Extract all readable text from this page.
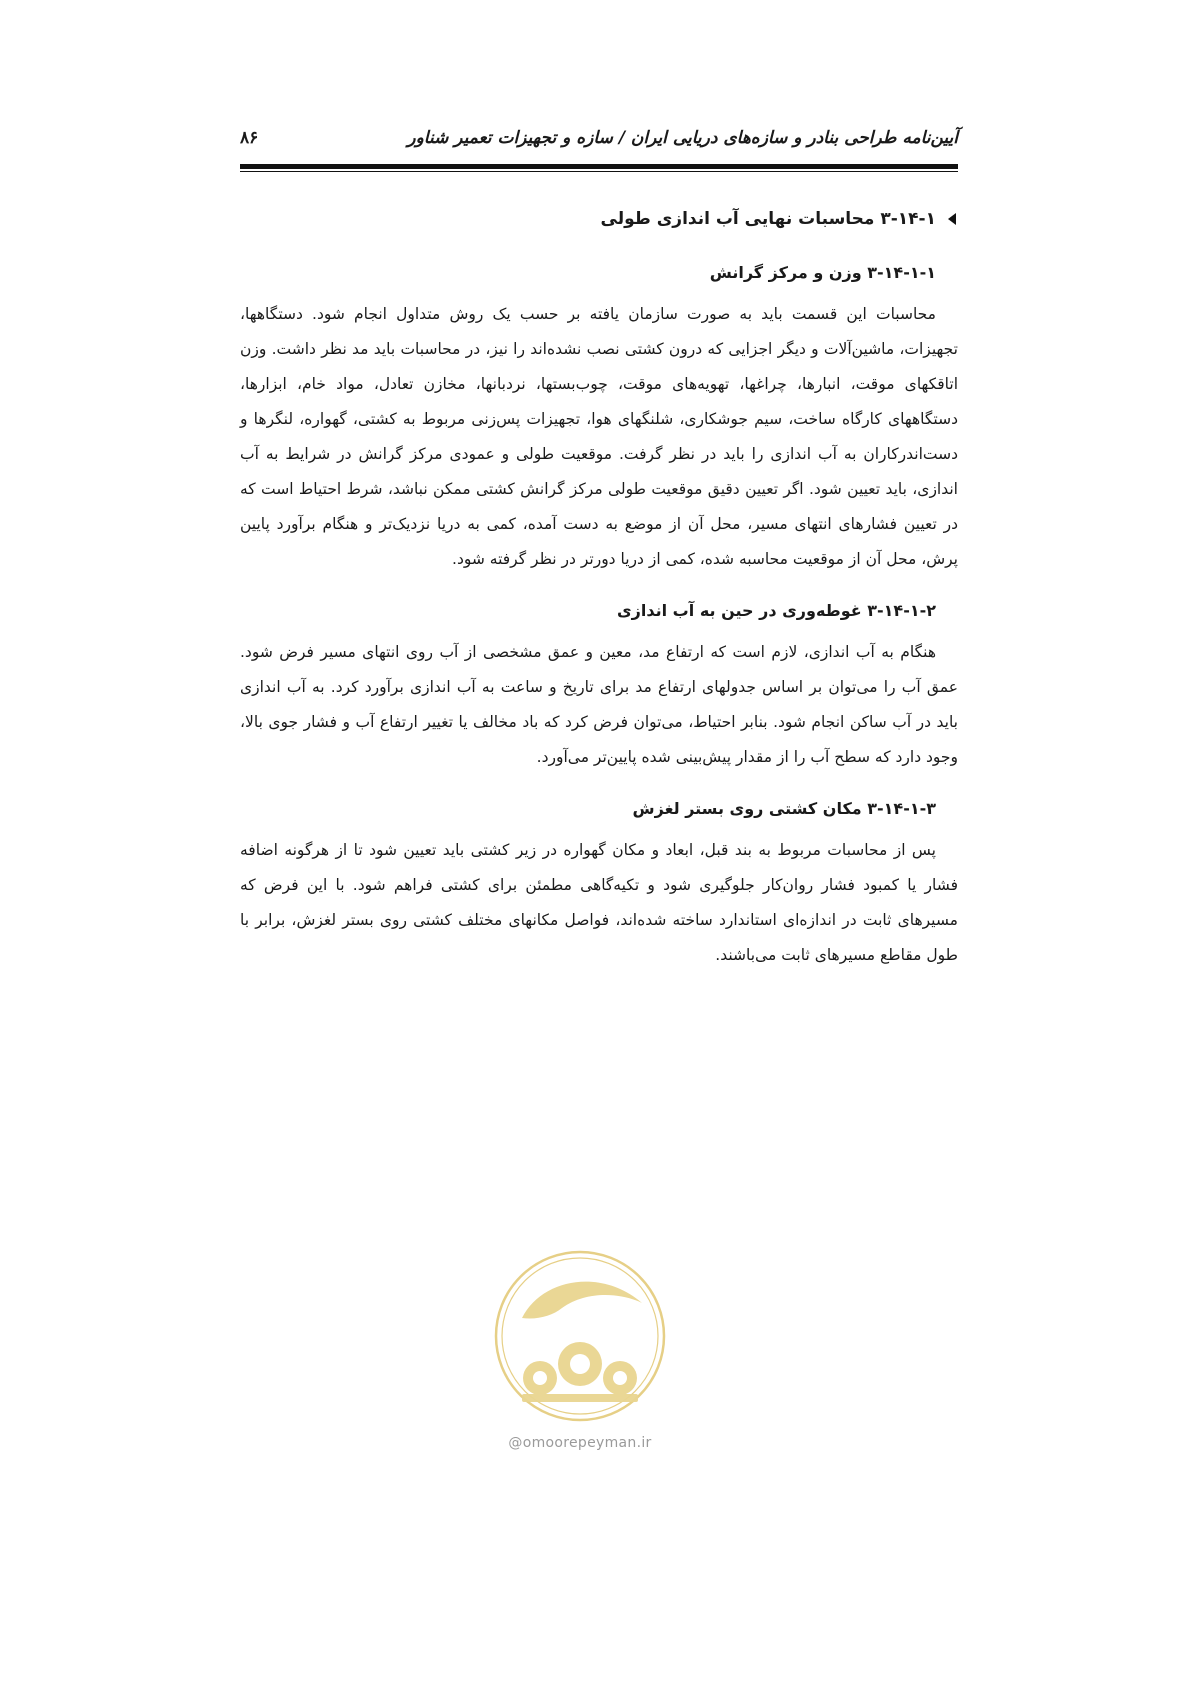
آیین‌نامه طراحی بنادر و سازه‌های دریایی ایران / سازه و تجهیزات تعمیر شناور
۸۶
۳-۱۴-۱ محاسبات نهایی آب اندازی طولی
۳-۱۴-۱-۱ وزن و مرکز گرانش

محاسبات این قسمت باید به صورت سازمان یافته بر حسب یک روش متداول انجام شود. دستگاهها، تجهیزات، ماشین‌آلات و دیگر اجزایی که درون کشتی نصب نشده‌اند را نیز، در محاسبات باید مد نظر داشت. وزن اتاقکهای موقت، انبارها، چراغها، تهویه‌های موقت، چوب‌بستها، نردبانها، مخازن تعادل، مواد خام، ابزارها، دستگاههای کارگاه ساخت، سیم جوشکاری، شلنگهای هوا، تجهیزات پس‌زنی مربوط به کشتی، گهواره، لنگرها و دست‌اندرکاران به آب اندازی را باید در نظر گرفت. موقعیت طولی و عمودی مرکز گرانش در شرایط به آب اندازی، باید تعیین شود. اگر تعیین دقیق موقعیت طولی مرکز گرانش کشتی ممکن نباشد، شرط احتیاط است که در تعیین فشارهای انتهای مسیر، محل آن از موضع به دست آمده، کمی به دریا نزدیک‌تر و هنگام برآورد پایین پرش، محل آن از موقعیت محاسبه شده، کمی از دریا دورتر در نظر گرفته شود.

۳-۱۴-۱-۲ غوطه‌وری در حین به آب اندازی

هنگام به آب اندازی، لازم است که ارتفاع مد، معین و عمق مشخصی از آب روی انتهای مسیر فرض شود. عمق آب را می‌توان بر اساس جدولهای ارتفاع مد برای تاریخ و ساعت به آب اندازی برآورد کرد. به آب اندازی باید در آب ساکن انجام شود. بنابر احتیاط، می‌توان فرض کرد که باد مخالف یا تغییر ارتفاع آب و فشار جوی بالا، وجود دارد که سطح آب را از مقدار پیش‌بینی شده پایین‌تر می‌آورد.

۳-۱۴-۱-۳ مکان کشتی روی بستر لغزش

پس از محاسبات مربوط به بند قبل، ابعاد و مکان گهواره در زیر کشتی باید تعیین شود تا از هرگونه اضافه فشار یا کمبود فشار روان‌کار جلوگیری شود و تکیه‌گاهی مطمئن برای کشتی فراهم شود. با این فرض که مسیرهای ثابت در اندازه‌ای استاندارد ساخته شده‌اند، فواصل مکانهای مختلف کشتی روی بستر لغزش، برابر با طول مقاطع مسیرهای ثابت می‌باشند.

@omoorepeyman.ir
